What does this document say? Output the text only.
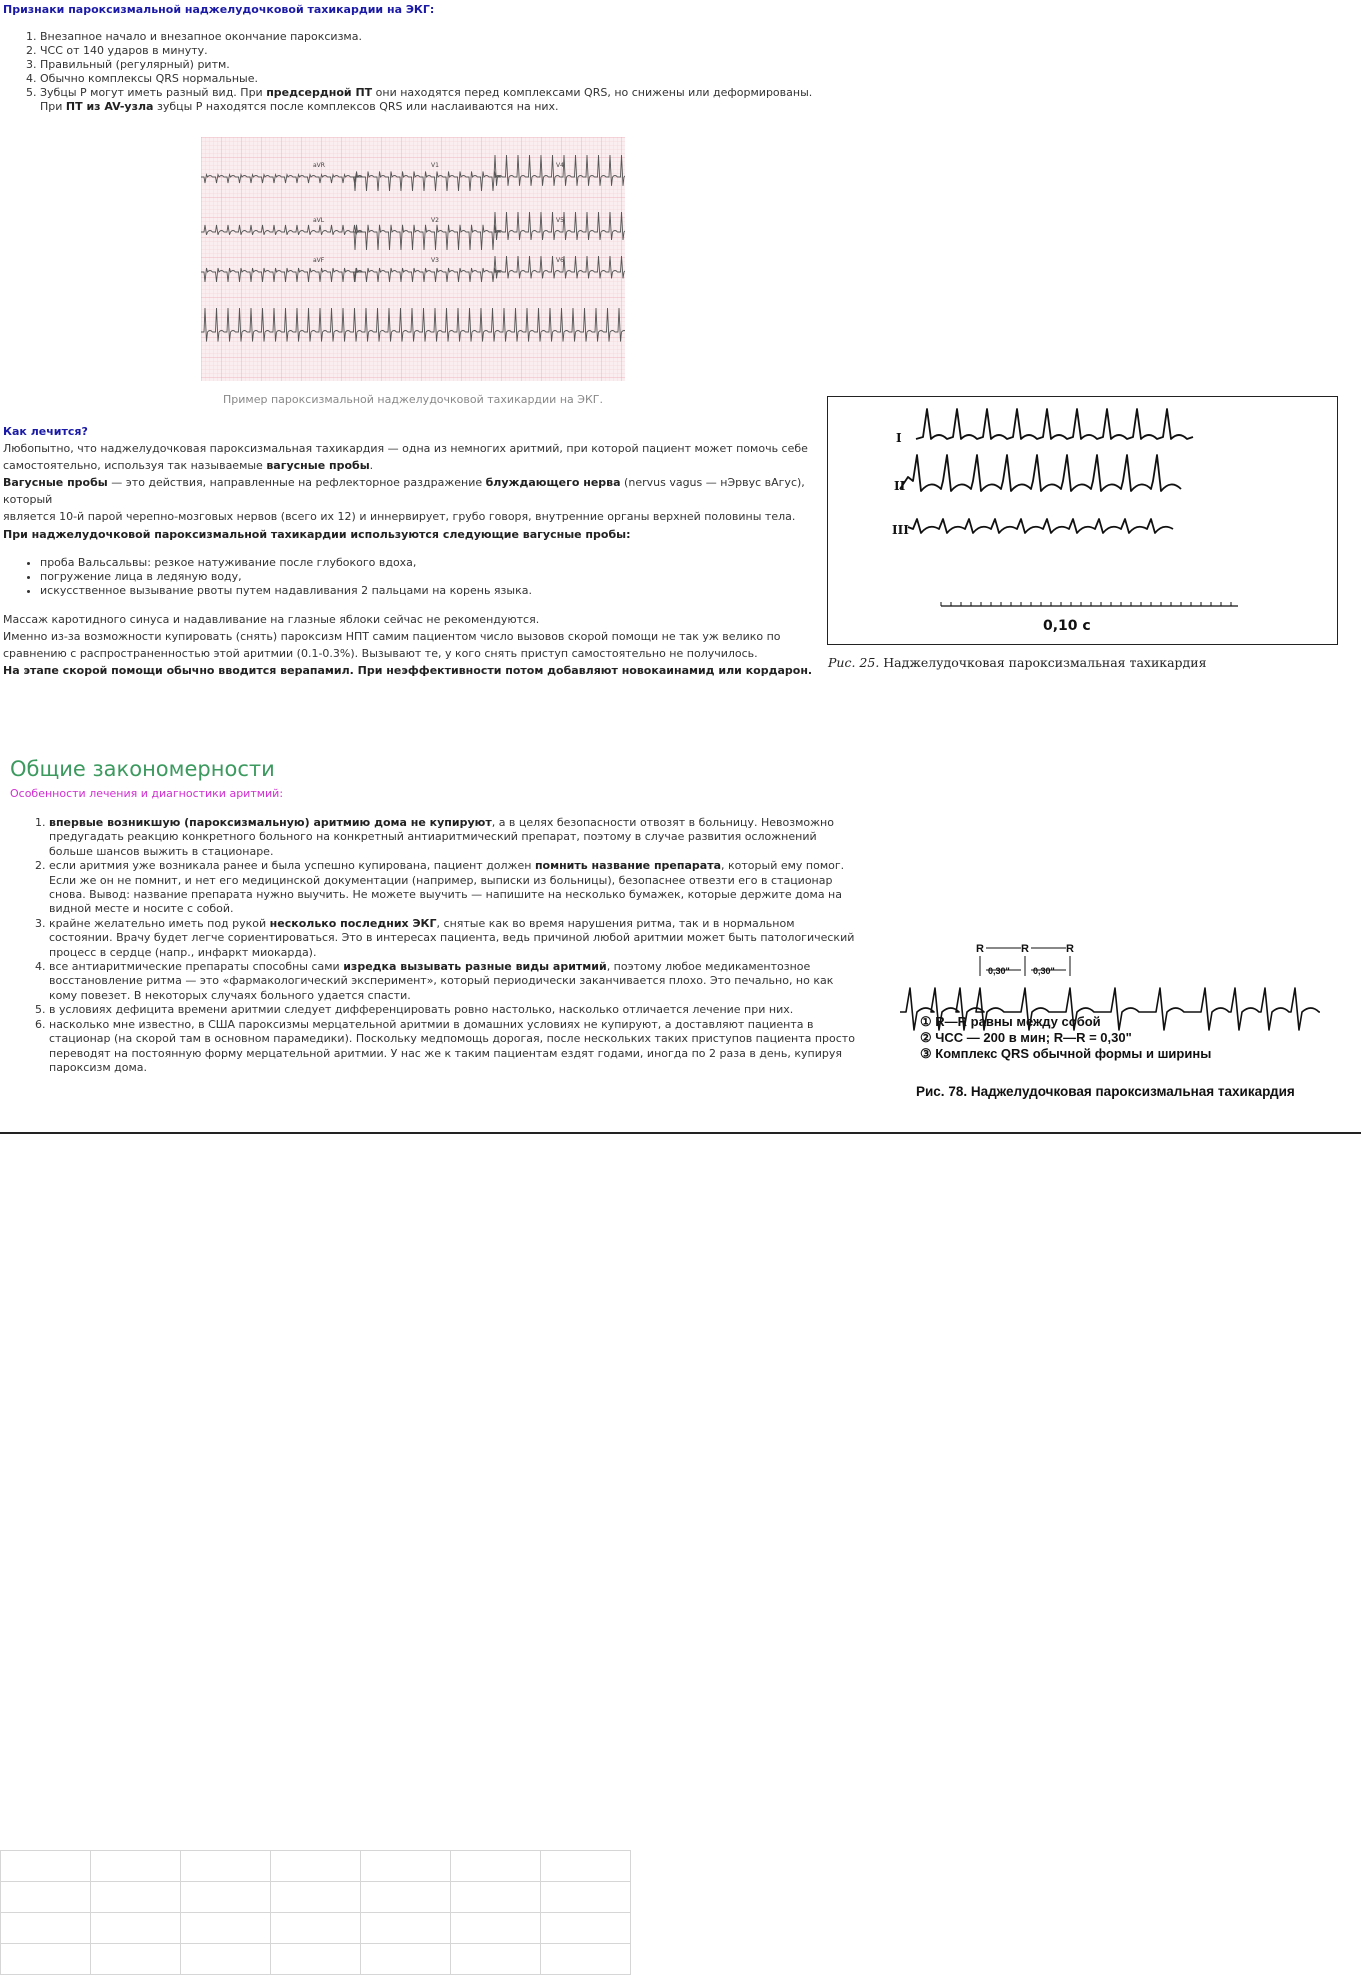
Признаки пароксизмальной наджелудочковой тахикардии на ЭКГ:
1. Внезапное начало и внезапное окончание пароксизма.
2. ЧСС от 140 ударов в минуту.
3. Правильный (регулярный) ритм.
4. Обычно комплексы QRS нормальные.
5. Зубцы P могут иметь разный вид. При предсердной ПТ они находятся перед комплексами QRS, но снижены или деформированы.
При ПТ из AV-узла зубцы P находятся после комплексов QRS или наслаиваются на них.
aVR	V1	V4
aVL	V2	V5
aVF	V3	V6
Пример пароксизмальной наджелудочковой тахикардии на ЭКГ.
Как лечится?
Любопытно, что наджелудочковая пароксизмальная тахикардия — одна из немногих аритмий, при которой пациент может помочь себе
самостоятельно, используя так называемые вагусные пробы.
Вагусные пробы — это действия, направленные на рефлекторное раздражение блуждающего нерва (nervus vagus — нЭрвус вАгус), который
является 10-й парой черепно-мозговых нервов (всего их 12) и иннервирует, грубо говоря, внутренние органы верхней половины тела.
При наджелудочковой пароксизмальной тахикардии используются следующие вагусные пробы:
• проба Вальсальвы: резкое натуживание после глубокого вдоха,
• погружение лица в ледяную воду,
• искусственное вызывание рвоты путем надавливания 2 пальцами на корень языка.
Массаж каротидного синуса и надавливание на глазные яблоки сейчас не рекомендуются.
Именно из-за возможности купировать (снять) пароксизм НПТ самим пациентом число вызовов скорой помощи не так уж велико по
сравнению с распространенностью этой аритмии (0.1-0.3%). Вызывают те, у кого снять приступ самостоятельно не получилось.
На этапе скорой помощи обычно вводится верапамил. При неэффективности потом добавляют новокаинамид или кордарон.
I
II
III
0,10 с
Рис. 25. Наджелудочковая пароксизмальная тахикардия
Общие закономерности
Особенности лечения и диагностики аритмий:
1. впервые возникшую (пароксизмальную) аритмию дома не купируют, а в целях безопасности отвозят в больницу. Невозможно
предугадать реакцию конкретного больного на конкретный антиаритмический препарат, поэтому в случае развития осложнений
больше шансов выжить в стационаре.
2. если аритмия уже возникала ранее и была успешно купирована, пациент должен помнить название препарата, который ему помог.
Если же он не помнит, и нет его медицинской документации (например, выписки из больницы), безопаснее отвезти его в стационар
снова. Вывод: название препарата нужно выучить. Не можете выучить — напишите на несколько бумажек, которые держите дома на
видной месте и носите с собой.
3. крайне желательно иметь под рукой несколько последних ЭКГ, снятые как во время нарушения ритма, так и в нормальном
состоянии. Врачу будет легче сориентироваться. Это в интересах пациента, ведь причиной любой аритмии может быть патологический
процесс в сердце (напр., инфаркт миокарда).
4. все антиаритмические препараты способны сами изредка вызывать разные виды аритмий, поэтому любое медикаментозное
восстановление ритма — это «фармакологический эксперимент», который периодически заканчивается плохо. Это печально, но как
кому повезет. В некоторых случаях больного удается спасти.
5. в условиях дефицита времени аритмии следует дифференцировать ровно настолько, насколько отличается лечение при них.
6. насколько мне известно, в США пароксизмы мерцательной аритмии в домашних условиях не купируют, а доставляют пациента в
стационар (на скорой там в основном парамедики). Поскольку медпомощь дорогая, после нескольких таких приступов пациента просто
переводят на постоянную форму мерцательной аритмии. У нас же к таким пациентам ездят годами, иногда по 2 раза в день, купируя
пароксизм дома.
R	R	R
0,30"	0,30"
① R—R равны между собой
② ЧСС — 200 в мин; R—R = 0,30"
③ Комплекс QRS обычной формы и ширины
Рис. 78. Наджелудочковая пароксизмальная тахикардия
